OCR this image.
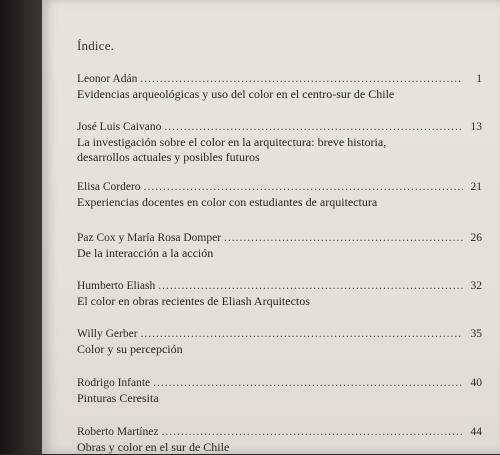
Índice.
Leonor Adán .....	1
Evidencias arqueológicas y uso del color en el centro-sur de Chile
José Luis Caivano .....	13
La investigación sobre el color en la arquitectura: breve historia, desarrollos actuales y posibles futuros
Elisa Cordero .....	21
Experiencias docentes en color con estudiantes de arquitectura
Paz Cox y María Rosa Domper .....	26
De la interacción a la acción
Humberto Eliash .....	32
El color en obras recientes de Eliash Arquitectos
Willy Gerber .....	35
Color y su percepción
Rodrigo Infante .....	40
Pinturas Ceresita
Roberto Martínez .....	44
Obras y color en el sur de Chile
